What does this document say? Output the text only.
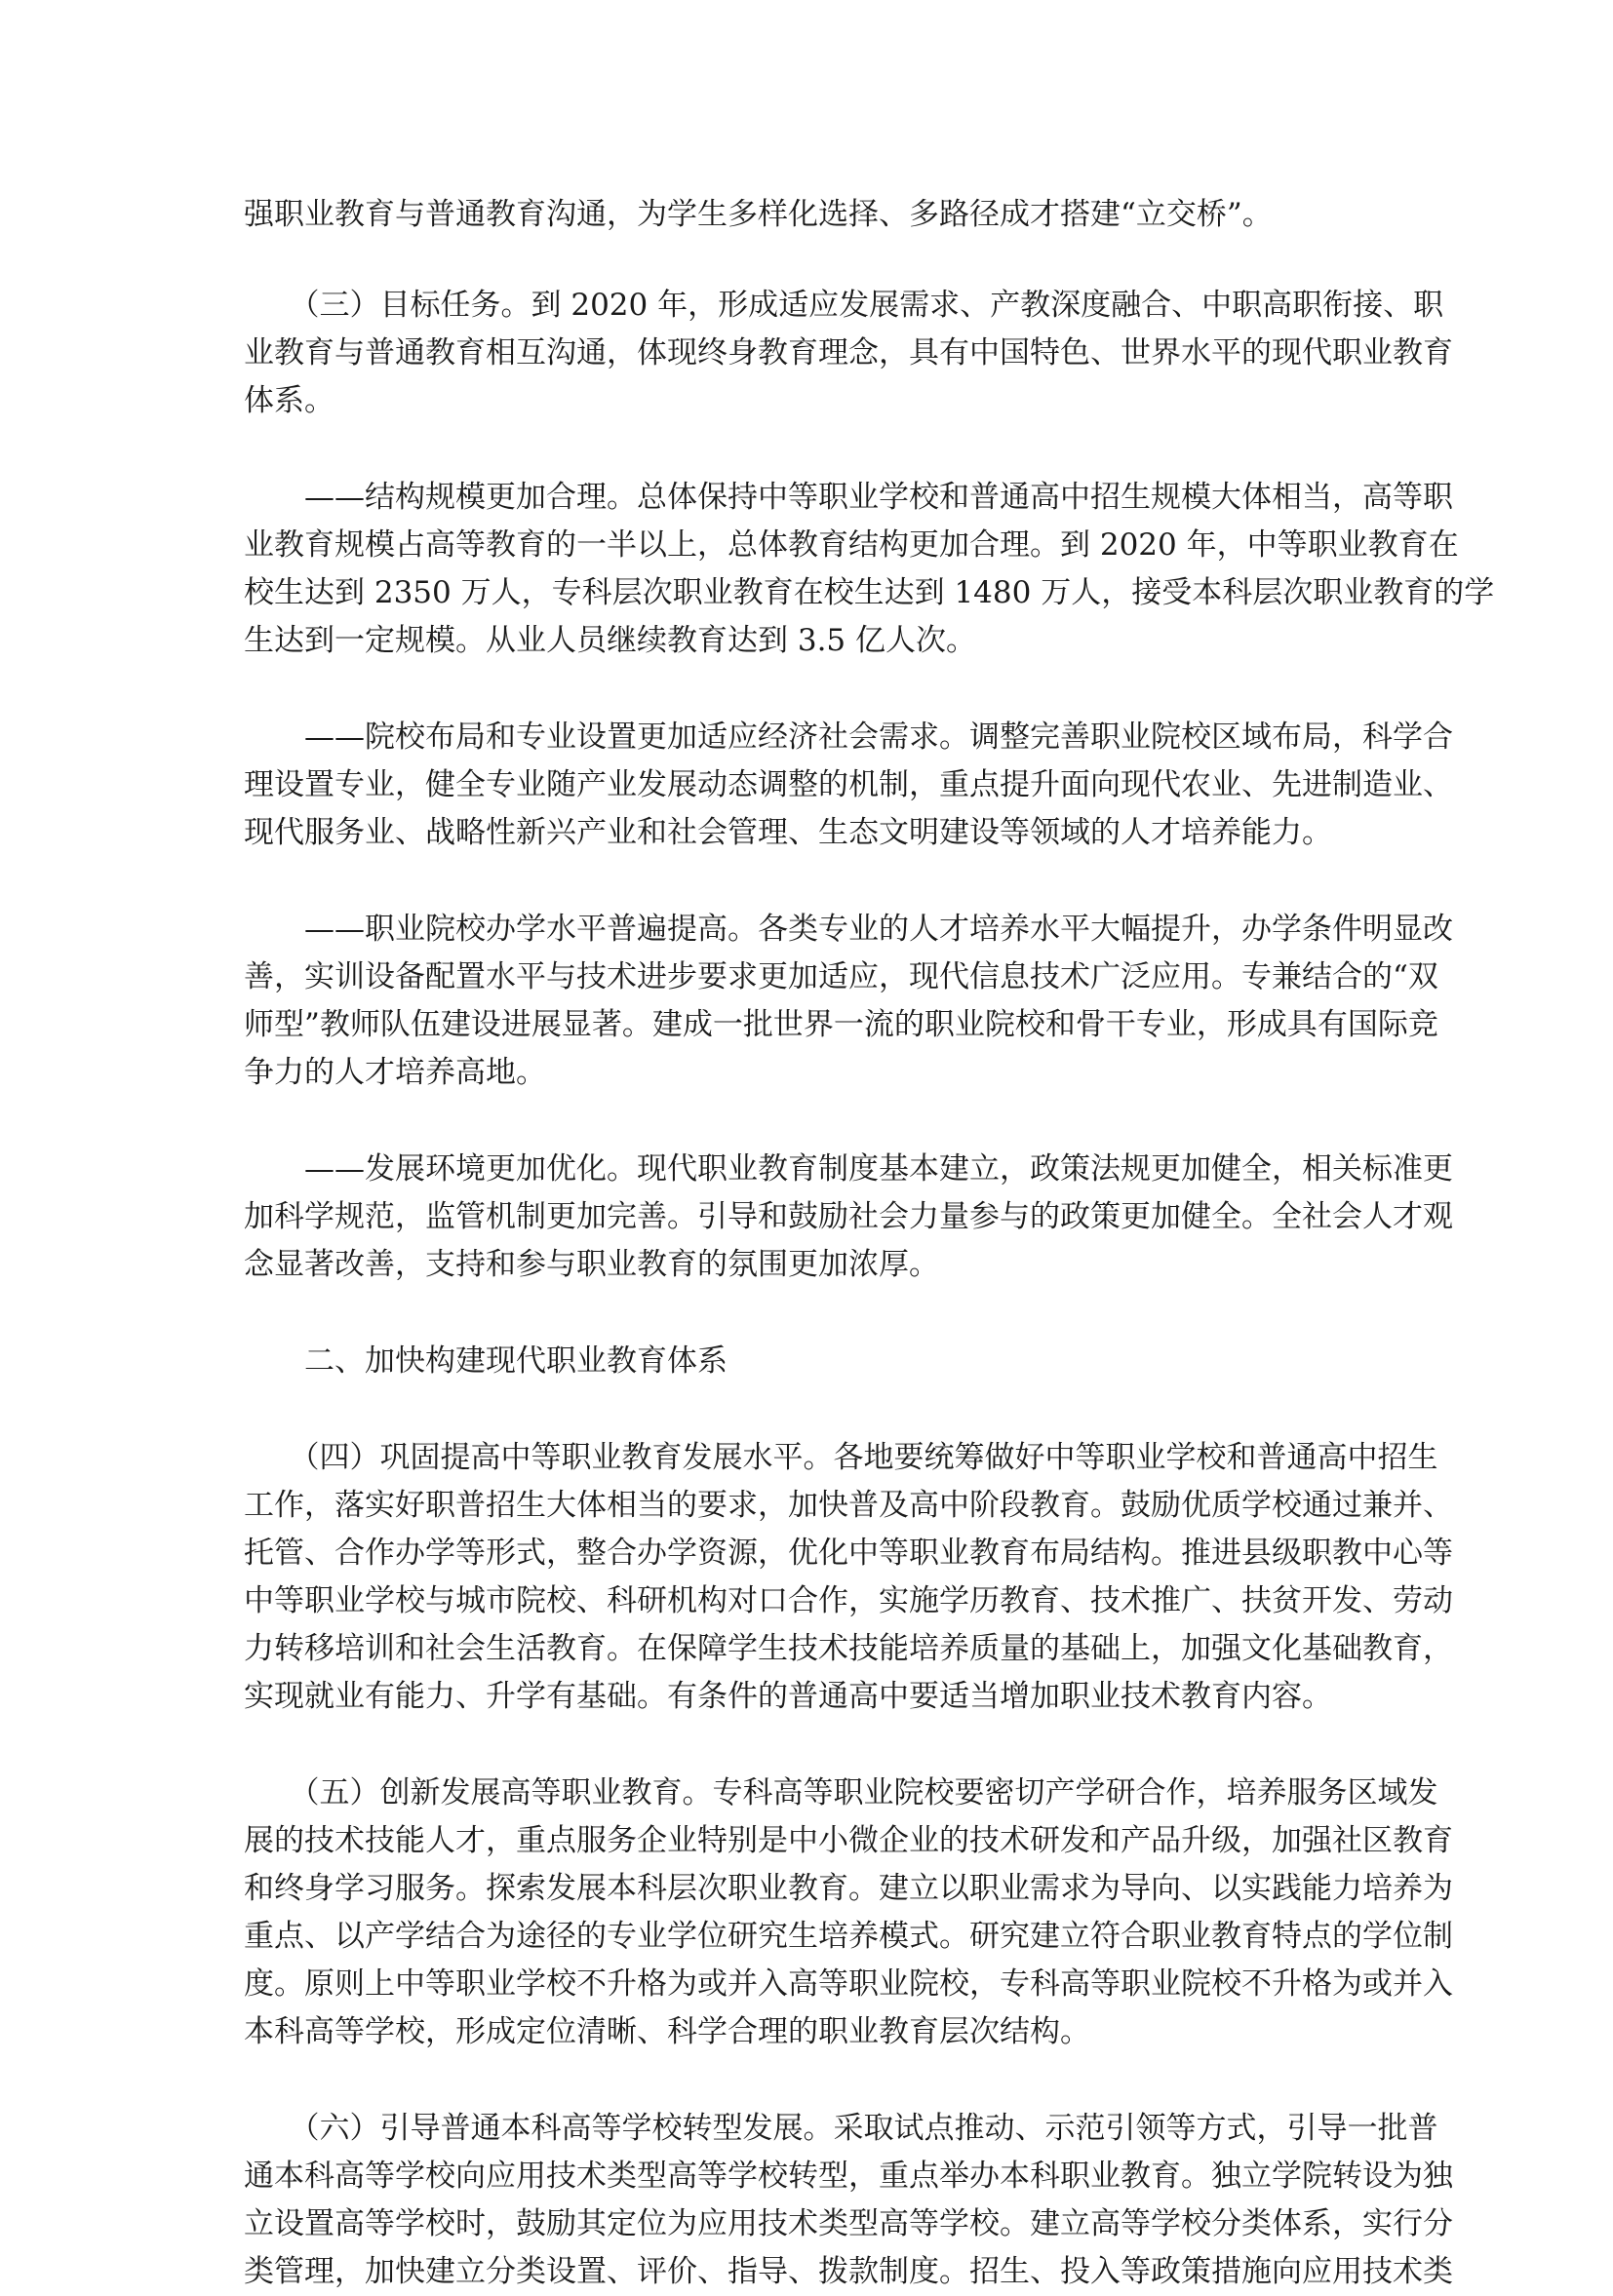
强职业教育与普通教育沟通，为学生多样化选择、多路径成才搭建“立交桥”。

　　（三）目标任务。到 2020 年，形成适应发展需求、产教深度融合、中职高职衔接、职
业教育与普通教育相互沟通，体现终身教育理念，具有中国特色、世界水平的现代职业教育
体系。

　　——结构规模更加合理。总体保持中等职业学校和普通高中招生规模大体相当，高等职
业教育规模占高等教育的一半以上，总体教育结构更加合理。到 2020 年，中等职业教育在
校生达到 2350 万人，专科层次职业教育在校生达到 1480 万人，接受本科层次职业教育的学
生达到一定规模。从业人员继续教育达到 3.5 亿人次。

　　——院校布局和专业设置更加适应经济社会需求。调整完善职业院校区域布局，科学合
理设置专业，健全专业随产业发展动态调整的机制，重点提升面向现代农业、先进制造业、
现代服务业、战略性新兴产业和社会管理、生态文明建设等领域的人才培养能力。

　　——职业院校办学水平普遍提高。各类专业的人才培养水平大幅提升，办学条件明显改
善，实训设备配置水平与技术进步要求更加适应，现代信息技术广泛应用。专兼结合的“双
师型”教师队伍建设进展显著。建成一批世界一流的职业院校和骨干专业，形成具有国际竞
争力的人才培养高地。

　　——发展环境更加优化。现代职业教育制度基本建立，政策法规更加健全，相关标准更
加科学规范，监管机制更加完善。引导和鼓励社会力量参与的政策更加健全。全社会人才观
念显著改善，支持和参与职业教育的氛围更加浓厚。

　　二、加快构建现代职业教育体系

　　（四）巩固提高中等职业教育发展水平。各地要统筹做好中等职业学校和普通高中招生
工作，落实好职普招生大体相当的要求，加快普及高中阶段教育。鼓励优质学校通过兼并、
托管、合作办学等形式，整合办学资源，优化中等职业教育布局结构。推进县级职教中心等
中等职业学校与城市院校、科研机构对口合作，实施学历教育、技术推广、扶贫开发、劳动
力转移培训和社会生活教育。在保障学生技术技能培养质量的基础上，加强文化基础教育，
实现就业有能力、升学有基础。有条件的普通高中要适当增加职业技术教育内容。

　　（五）创新发展高等职业教育。专科高等职业院校要密切产学研合作，培养服务区域发
展的技术技能人才，重点服务企业特别是中小微企业的技术研发和产品升级，加强社区教育
和终身学习服务。探索发展本科层次职业教育。建立以职业需求为导向、以实践能力培养为
重点、以产学结合为途径的专业学位研究生培养模式。研究建立符合职业教育特点的学位制
度。原则上中等职业学校不升格为或并入高等职业院校，专科高等职业院校不升格为或并入
本科高等学校，形成定位清晰、科学合理的职业教育层次结构。

　　（六）引导普通本科高等学校转型发展。采取试点推动、示范引领等方式，引导一批普
通本科高等学校向应用技术类型高等学校转型，重点举办本科职业教育。独立学院转设为独
立设置高等学校时，鼓励其定位为应用技术类型高等学校。建立高等学校分类体系，实行分
类管理，加快建立分类设置、评价、指导、拨款制度。招生、投入等政策措施向应用技术类
